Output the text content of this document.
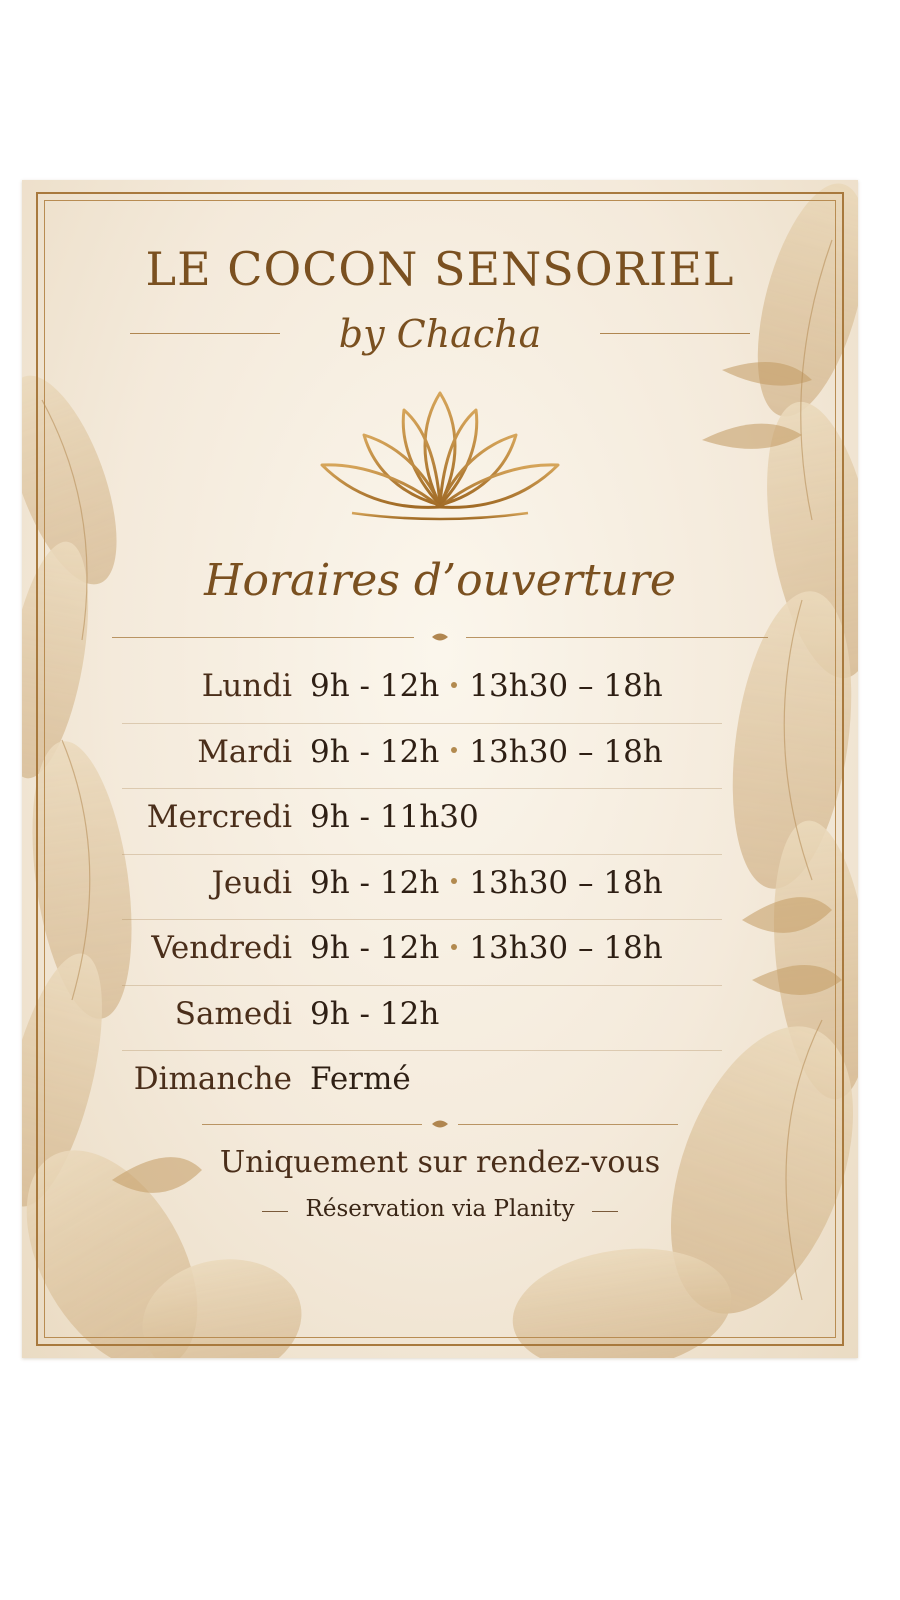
LE COCON SENSORIEL
by Chacha
Horaires d’ouverture
Lundi 9h - 12h 13h30 – 18h
Mardi 9h - 12h 13h30 – 18h
Mercredi 9h - 11h30
Jeudi 9h - 12h 13h30 – 18h
Vendredi 9h - 12h 13h30 – 18h
Samedi 9h - 12h
Dimanche Fermé
Uniquement sur rendez-vous
Réservation via Planity
